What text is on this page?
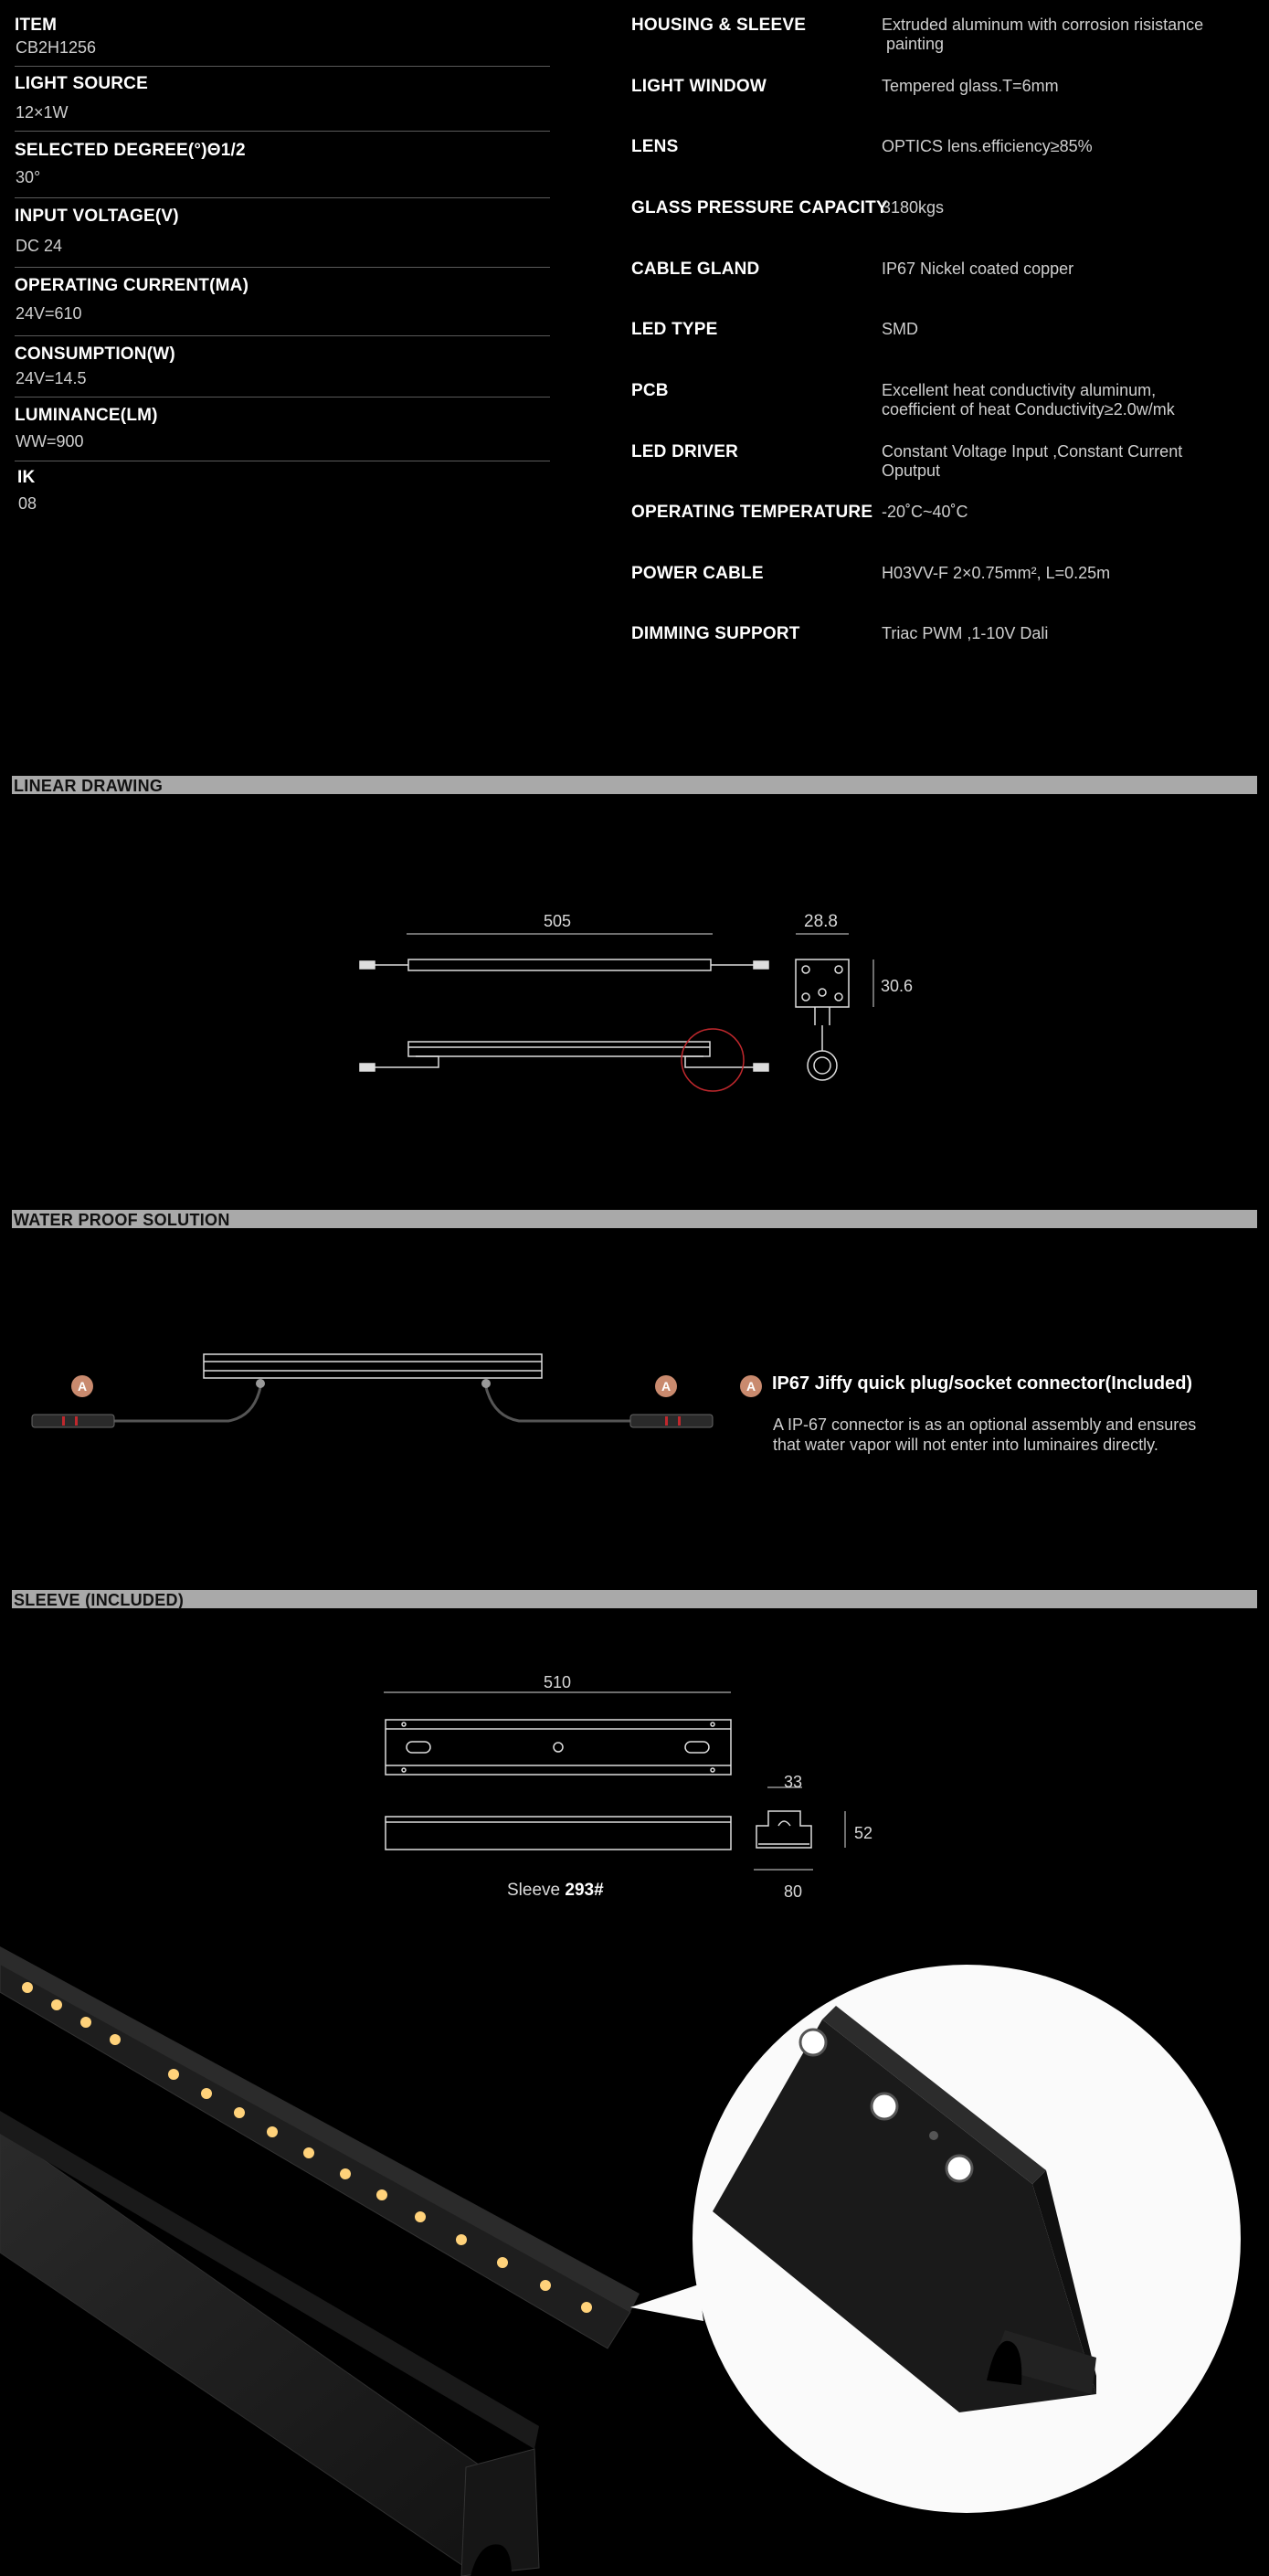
ITEM
CB2H1256
LIGHT SOURCE
12×1W
SELECTED DEGREE(°)Θ1/2
30°
INPUT VOLTAGE(V)
DC 24
OPERATING CURRENT(MA)
24V=610
CONSUMPTION(W)
24V=14.5
LUMINANCE(LM)
WW=900
IK
08
HOUSING & SLEEVE	Extruded aluminum with corrosion risistance
painting
LIGHT WINDOW	Tempered glass.T=6mm
LENS	OPTICS lens.efficiency≥85%
GLASS PRESSURE CAPACITY
3180kgs
CABLE GLAND	IP67 Nickel coated copper
LED TYPE	SMD
PCB	Excellent heat conductivity aluminum,
coefficient of heat Conductivity≥2.0w/mk
LED DRIVER	Constant Voltage Input ,Constant Current
Oputput
OPERATING TEMPERATURE -20˚C~40˚C
POWER CABLE	H03VV-F 2×0.75mm², L=0.25m
DIMMING SUPPORT	Triac PWM ,1-10V Dali
LINEAR DRAWING
505	28.8
30.6
WATER PROOF SOLUTION
A	A	A IP67 Jiffy quick plug/socket connector(Included)
A IP-67 connector is as an optional assembly and ensures
that water vapor will not enter into luminaires directly.
SLEEVE (INCLUDED)
510
33
52
80
Sleeve 293#
